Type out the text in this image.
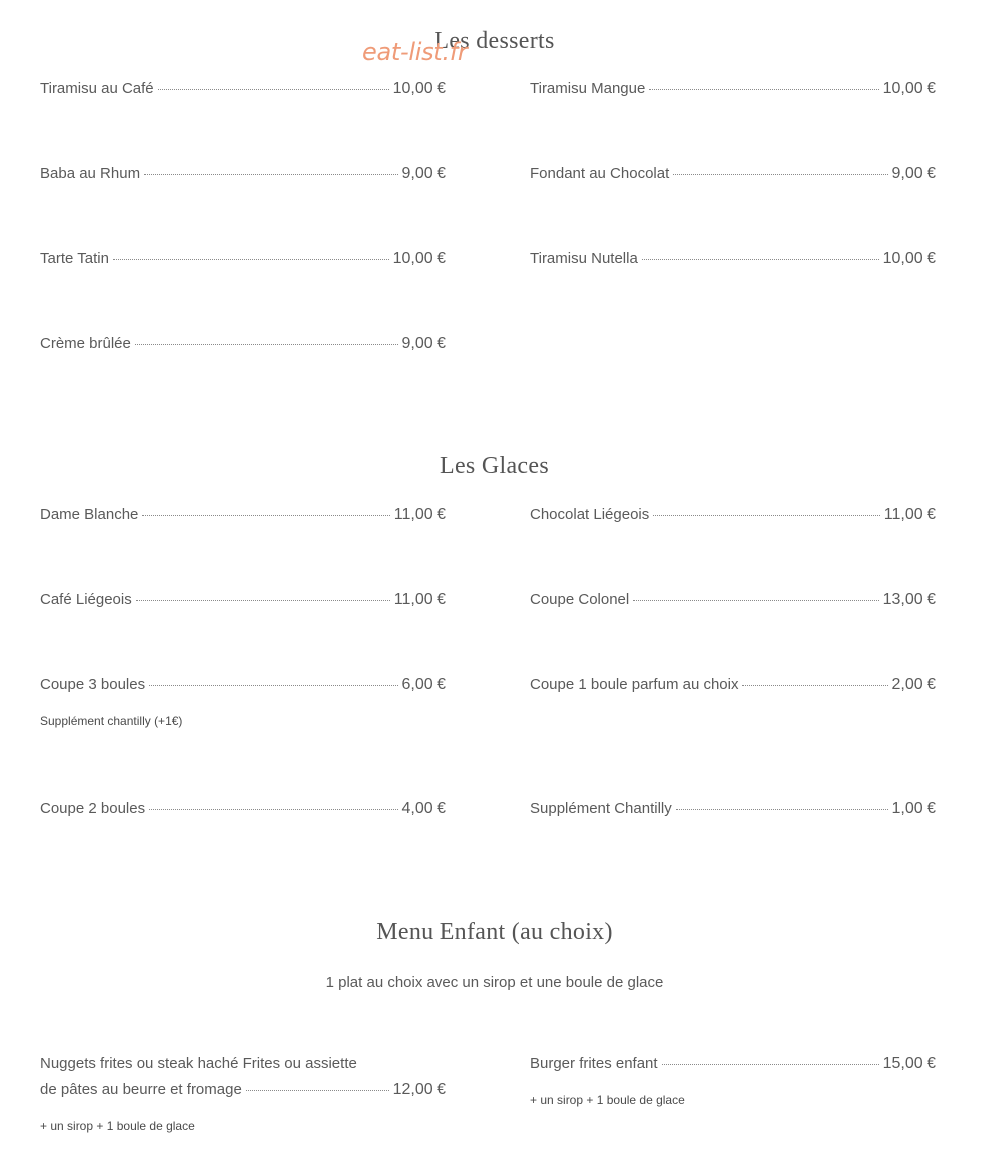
Les desserts
eat-list.fr
Tiramisu au Café	10,00 €	Tiramisu Mangue	10,00 €
Baba au Rhum	9,00 €	Fondant au Chocolat	9,00 €
Tarte Tatin	10,00 €	Tiramisu Nutella	10,00 €
Crème brûlée	9,00 €
Les Glaces
Dame Blanche	11,00 €	Chocolat Liégeois	11,00 €
Café Liégeois	11,00 €	Coupe Colonel	13,00 €
Coupe 3 boules	6,00 €
Supplément chantilly (+1€)
Coupe 1 boule parfum au choix	2,00 €
Coupe 2 boules	4,00 €	Supplément Chantilly	1,00 €
Menu Enfant (au choix)
1 plat au choix avec un sirop et une boule de glace
Nuggets frites ou steak haché Frites ou assiette
de pâtes au beurre et fromage	12,00 €
+ un sirop + 1 boule de glace
Burger frites enfant	15,00 €
+ un sirop + 1 boule de glace
